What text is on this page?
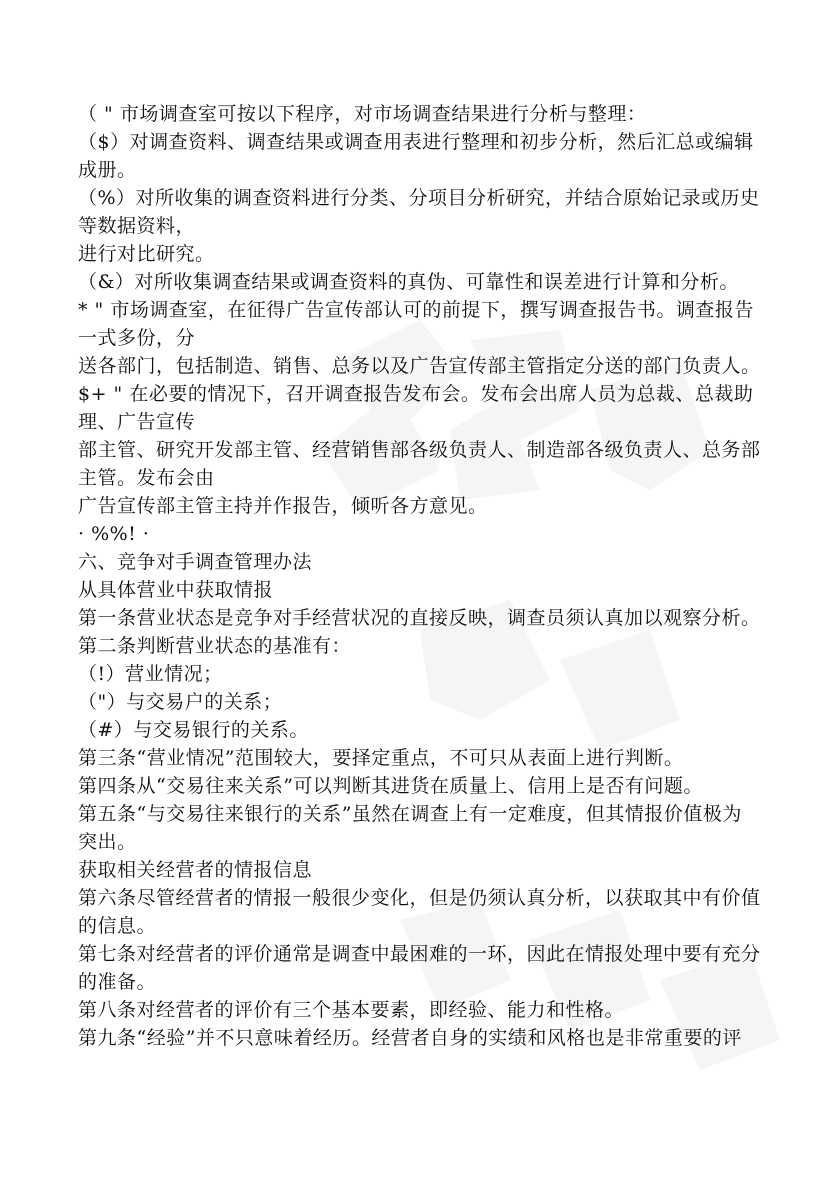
（ " 市场调查室可按以下程序，对市场调查结果进行分析与整理：
（$）对调查资料、调查结果或调查用表进行整理和初步分析，然后汇总或编辑
成册。
（%）对所收集的调查资料进行分类、分项目分析研究，并结合原始记录或历史
等数据资料，
进行对比研究。
（&）对所收集调查结果或调查资料的真伪、可靠性和误差进行计算和分析。
* " 市场调查室，在征得广告宣传部认可的前提下，撰写调查报告书。调查报告
一式多份，分
送各部门，包括制造、销售、总务以及广告宣传部主管指定分送的部门负责人。
$+ " 在必要的情况下，召开调查报告发布会。发布会出席人员为总裁、总裁助
理、广告宣传
部主管、研究开发部主管、经营销售部各级负责人、制造部各级负责人、总务部
主管。发布会由
广告宣传部主管主持并作报告，倾听各方意见。
· %%! ·
六、竞争对手调查管理办法
从具体营业中获取情报
第一条营业状态是竞争对手经营状况的直接反映，调查员须认真加以观察分析。
第二条判断营业状态的基准有：
（!）营业情况；
（"）与交易户的关系；
（#）与交易银行的关系。
第三条“营业情况”范围较大，要择定重点，不可只从表面上进行判断。
第四条从“交易往来关系”可以判断其进货在质量上、信用上是否有问题。
第五条“与交易往来银行的关系”虽然在调查上有一定难度，但其情报价值极为
突出。
获取相关经营者的情报信息
第六条尽管经营者的情报一般很少变化，但是仍须认真分析，以获取其中有价值
的信息。
第七条对经营者的评价通常是调查中最困难的一环，因此在情报处理中要有充分
的准备。
第八条对经营者的评价有三个基本要素，即经验、能力和性格。
第九条“经验”并不只意味着经历。经营者自身的实绩和风格也是非常重要的评
